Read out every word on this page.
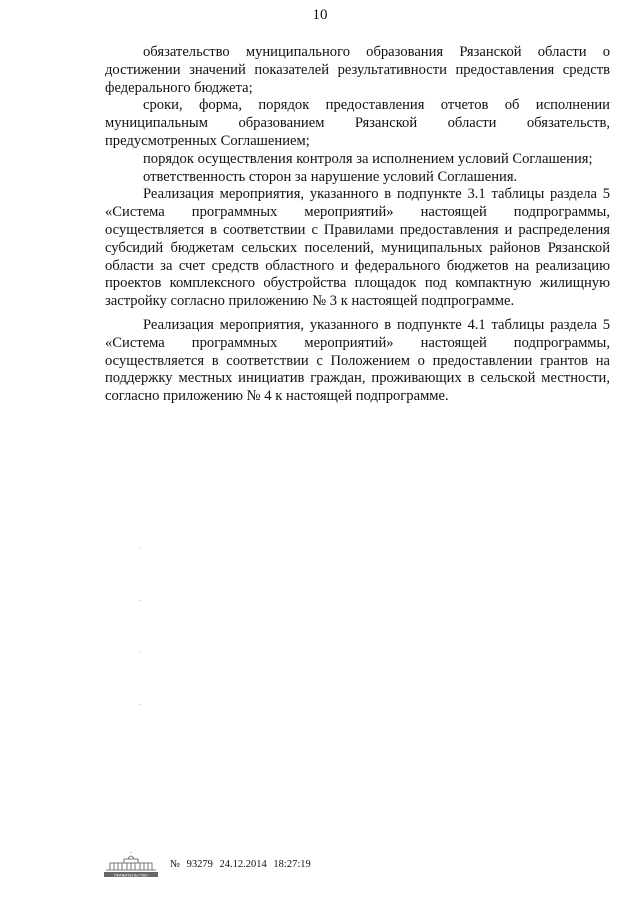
10

обязательство муниципального образования Рязанской области о достижении значений показателей результативности предоставления средств федерального бюджета;

сроки, форма, порядок предоставления отчетов об исполнении муниципальным образованием Рязанской области обязательств, предусмотренных Соглашением;

порядок осуществления контроля за исполнением условий Соглашения;

ответственность сторон за нарушение условий Соглашения.

Реализация мероприятия, указанного в подпункте 3.1 таблицы раздела 5 «Система программных мероприятий» настоящей подпрограммы, осуществляется в соответствии с Правилами предоставления и распределения субсидий бюджетам сельских поселений, муниципальных районов Рязанской области за счет средств областного и федерального бюджетов на реализацию проектов комплексного обустройства площадок под компактную жилищную застройку согласно приложению № 3 к настоящей подпрограмме.

Реализация мероприятия, указанного в подпункте 4.1 таблицы раздела 5 «Система программных мероприятий» настоящей подпрограммы, осуществляется в соответствии с Положением о предоставлении грантов на поддержку местных инициатив граждан, проживающих в сельской местности, согласно приложению № 4 к настоящей подпрограмме.

ПРАВИТЕЛЬСТВО
№ 93279 24.12.2014 18:27:19
